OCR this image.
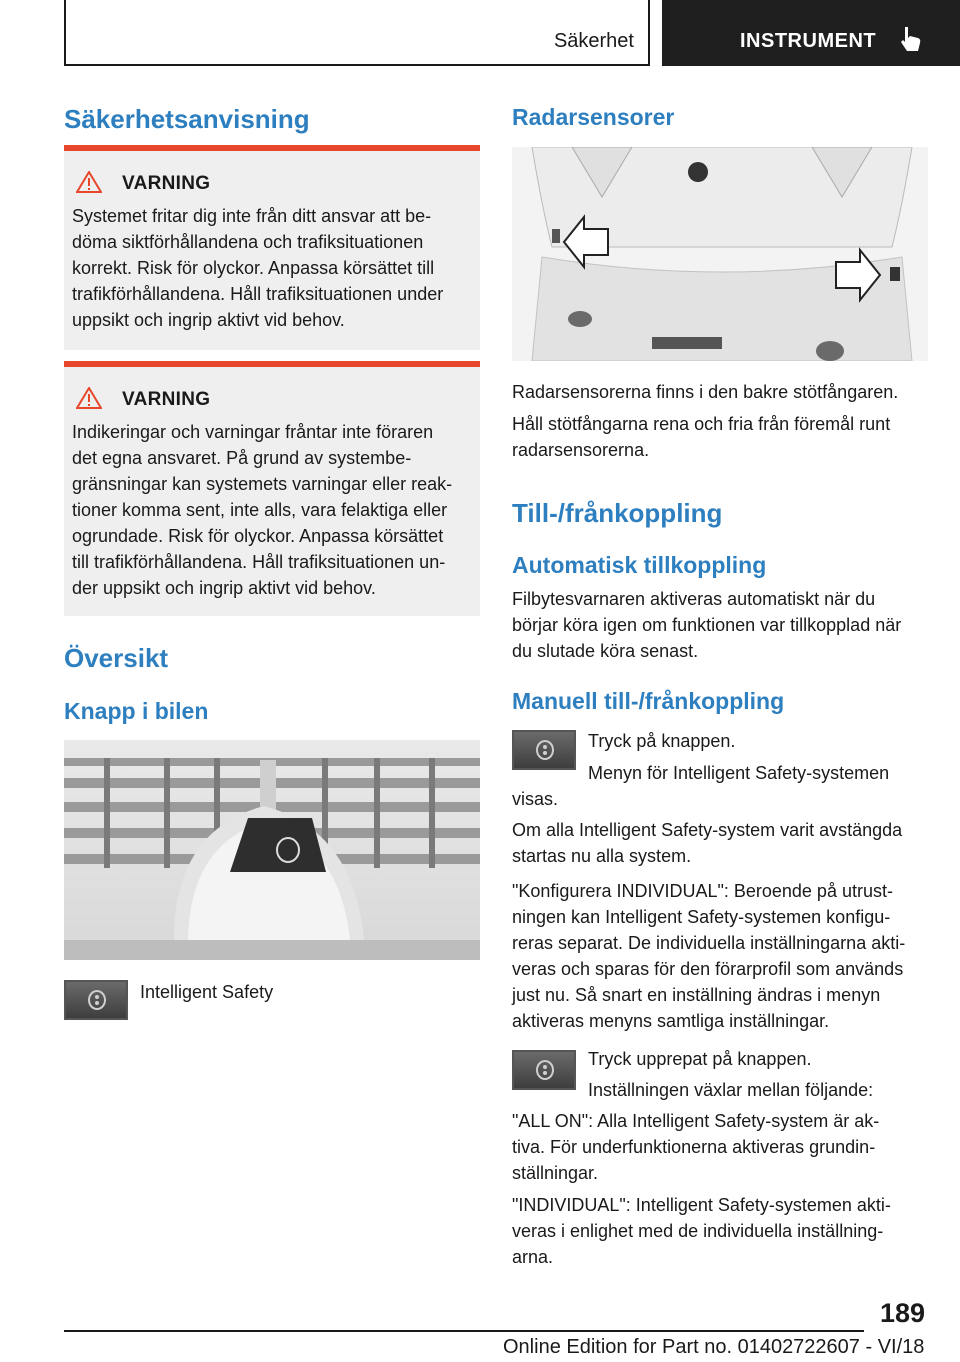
Säkerhet	INSTRUMENT
Säkerhetsanvisning
VARNING
Systemet fritar dig inte från ditt ansvar att be-
döma siktförhållandena och trafiksituationen
korrekt. Risk för olyckor. Anpassa körsättet till
trafikförhållandena. Håll trafiksituationen under
uppsikt och ingrip aktivt vid behov.
VARNING
Indikeringar och varningar fråntar inte föraren
det egna ansvaret. På grund av systembe-
gränsningar kan systemets varningar eller reak-
tioner komma sent, inte alls, vara felaktiga eller
ogrundade. Risk för olyckor. Anpassa körsättet
till trafikförhållandena. Håll trafiksituationen un-
der uppsikt och ingrip aktivt vid behov.
Översikt
Knapp i bilen
Intelligent Safety
Radarsensorer
Radarsensorerna finns i den bakre stötfångaren.
Håll stötfångarna rena och fria från föremål runt
radarsensorerna.
Till-/frånkoppling
Automatisk tillkoppling
Filbytesvarnaren aktiveras automatiskt när du
börjar köra igen om funktionen var tillkopplad när
du slutade köra senast.
Manuell till-/frånkoppling
Tryck på knappen.
Menyn för Intelligent Safety-systemen
visas.
Om alla Intelligent Safety-system varit avstängda
startas nu alla system.
"Konfigurera INDIVIDUAL": Beroende på utrust-
ningen kan Intelligent Safety-systemen konfigu-
reras separat. De individuella inställningarna akti-
veras och sparas för den förarprofil som används
just nu. Så snart en inställning ändras i menyn
aktiveras menyns samtliga inställningar.
Tryck upprepat på knappen.
Inställningen växlar mellan följande:
"ALL ON": Alla Intelligent Safety-system är ak-
tiva. För underfunktionerna aktiveras grundin-
ställningar.
"INDIVIDUAL": Intelligent Safety-systemen akti-
veras i enlighet med de individuella inställning-
arna.
189
Online Edition for Part no. 01402722607 - VI/18
